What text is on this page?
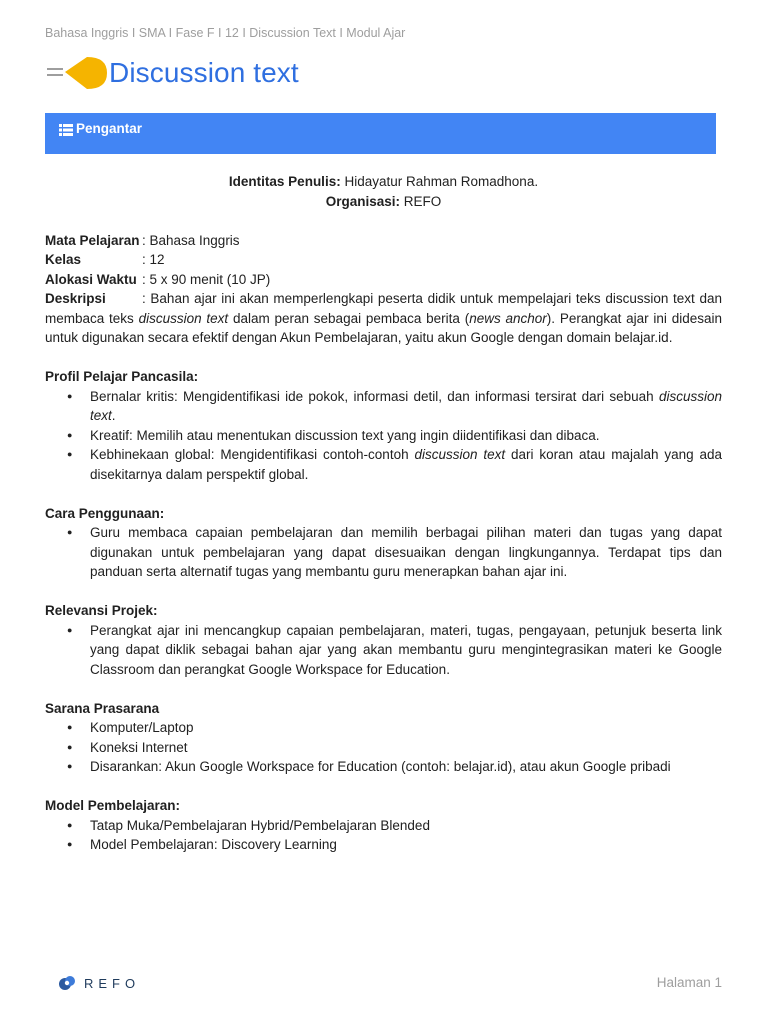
Bahasa Inggris I SMA I Fase F I 12 I Discussion Text I Modul Ajar
Discussion text
Pengantar
Identitas Penulis: Hidayatur Rahman Romadhona.
Organisasi: REFO
Mata Pelajaran : Bahasa Inggris
Kelas	: 12
Alokasi Waktu : 5 x 90 menit (10 JP)
Deskripsi	: Bahan ajar ini akan memperlengkapi peserta didik untuk mempelajari teks discussion text dan membaca teks discussion text dalam peran sebagai pembaca berita (news anchor). Perangkat ajar ini didesain untuk digunakan secara efektif dengan Akun Pembelajaran, yaitu akun Google dengan domain belajar.id.
Profil Pelajar Pancasila:
● Bernalar kritis: Mengidentifikasi ide pokok, informasi detil, dan informasi tersirat dari sebuah discussion text.
● Kreatif: Memilih atau menentukan discussion text yang ingin diidentifikasi dan dibaca.
● Kebhinekaan global: Mengidentifikasi contoh-contoh discussion text dari koran atau majalah yang ada disekitarnya dalam perspektif global.
Cara Penggunaan:
● Guru membaca capaian pembelajaran dan memilih berbagai pilihan materi dan tugas yang dapat digunakan untuk pembelajaran yang dapat disesuaikan dengan lingkungannya. Terdapat tips dan panduan serta alternatif tugas yang membantu guru menerapkan bahan ajar ini.
Relevansi Projek:
● Perangkat ajar ini mencangkup capaian pembelajaran, materi, tugas, pengayaan, petunjuk beserta link yang dapat diklik sebagai bahan ajar yang akan membantu guru mengintegrasikan materi ke Google Classroom dan perangkat Google Workspace for Education.
Sarana Prasarana
● Komputer/Laptop
● Koneksi Internet
● Disarankan: Akun Google Workspace for Education (contoh: belajar.id), atau akun Google pribadi
Model Pembelajaran:
● Tatap Muka/Pembelajaran Hybrid/Pembelajaran Blended
● Model Pembelajaran: Discovery Learning
REFO	Halaman 1
